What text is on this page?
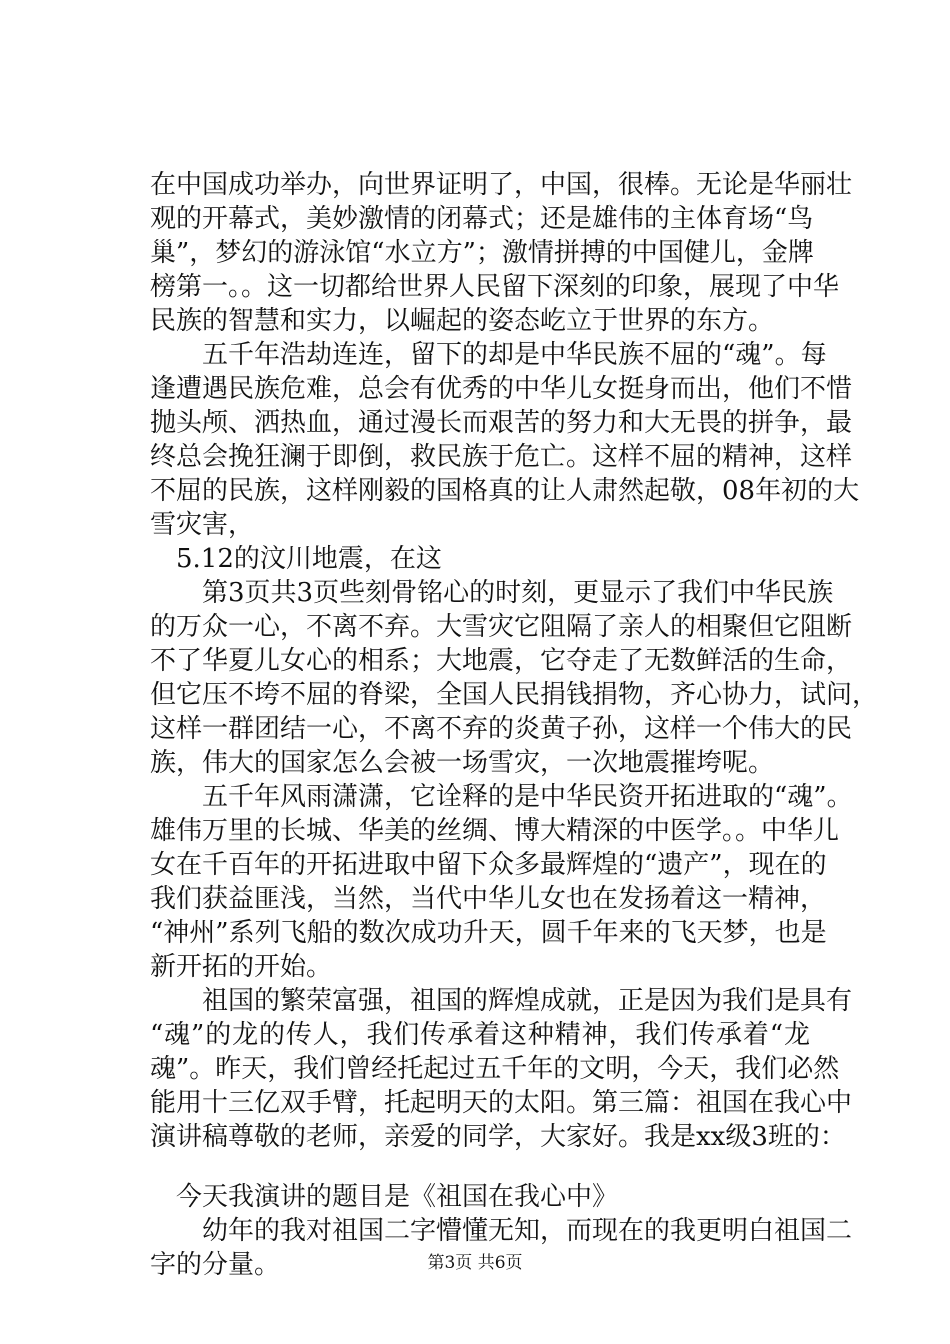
在中国成功举办，向世界证明了，中国，很棒。无论是华丽壮
观的开幕式，美妙激情的闭幕式；还是雄伟的主体育场“鸟
巢”，梦幻的游泳馆“水立方”；激情拼搏的中国健儿，金牌
榜第一。。这一切都给世界人民留下深刻的印象，展现了中华
民族的智慧和实力，以崛起的姿态屹立于世界的东方。
五千年浩劫连连，留下的却是中华民族不屈的“魂”。每
逢遭遇民族危难，总会有优秀的中华儿女挺身而出，他们不惜
抛头颅、洒热血，通过漫长而艰苦的努力和大无畏的拼争，最
终总会挽狂澜于即倒，救民族于危亡。这样不屈的精神，这样
不屈的民族，这样刚毅的国格真的让人肃然起敬，08年初的大
雪灾害，
5.12的汶川地震，在这
第3页共3页些刻骨铭心的时刻，更显示了我们中华民族
的万众一心，不离不弃。大雪灾它阻隔了亲人的相聚但它阻断
不了华夏儿女心的相系；大地震，它夺走了无数鲜活的生命，
但它压不垮不屈的脊梁，全国人民捐钱捐物，齐心协力，试问，
这样一群团结一心，不离不弃的炎黄子孙，这样一个伟大的民
族，伟大的国家怎么会被一场雪灾，一次地震摧垮呢。
五千年风雨潇潇，它诠释的是中华民资开拓进取的“魂”。
雄伟万里的长城、华美的丝绸、博大精深的中医学。。中华儿
女在千百年的开拓进取中留下众多最辉煌的“遗产”，现在的
我们获益匪浅，当然，当代中华儿女也在发扬着这一精神，
“神州”系列飞船的数次成功升天，圆千年来的飞天梦，也是
新开拓的开始。
祖国的繁荣富强，祖国的辉煌成就，正是因为我们是具有
“魂”的龙的传人，我们传承着这种精神，我们传承着“龙
魂”。昨天，我们曾经托起过五千年的文明，今天，我们必然
能用十三亿双手臂，托起明天的太阳。第三篇：祖国在我心中
演讲稿尊敬的老师，亲爱的同学，大家好。我是xx级3班的：
今天我演讲的题目是《祖国在我心中》
幼年的我对祖国二字懵懂无知，而现在的我更明白祖国二
字的分量。	第3页 共6页
